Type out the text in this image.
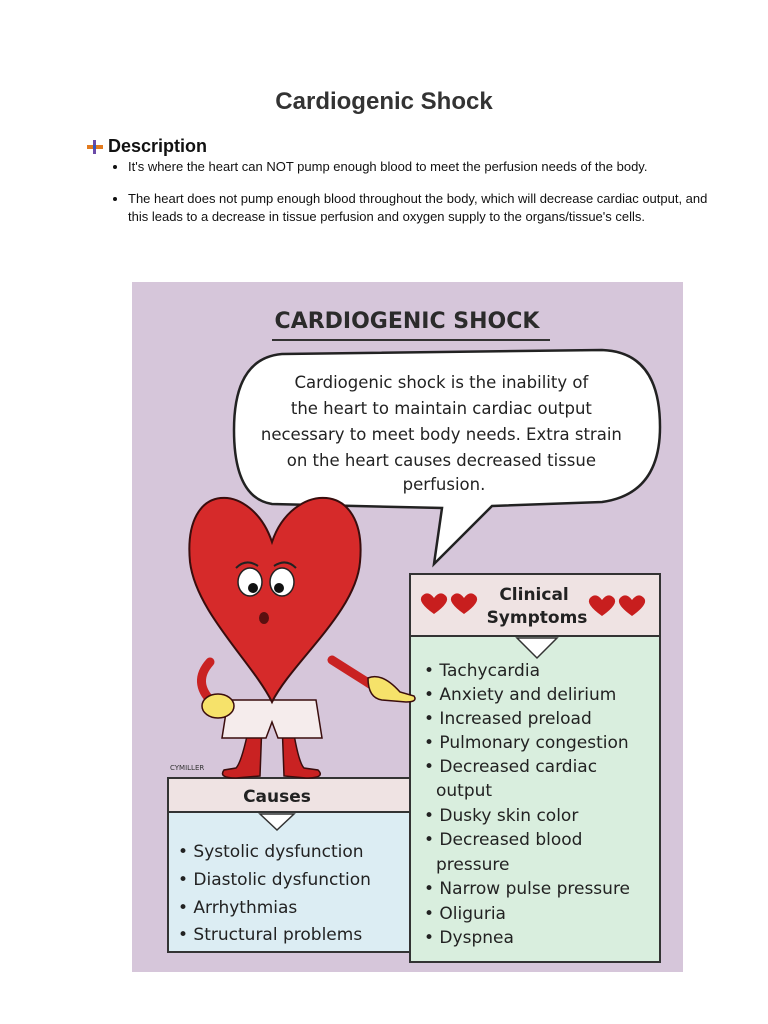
Cardiogenic Shock
Description
• It's where the heart can NOT pump enough blood to meet the perfusion needs of the body.
• The heart does not pump enough blood throughout the body, which will decrease cardiac output, and this leads to a decrease in tissue perfusion and oxygen supply to the organs/tissue's cells.
CARDIOGENIC SHOCK
Cardiogenic shock is the inability of the heart to maintain cardiac output necessary to meet body needs. Extra strain on the heart causes decreased tissue perfusion.
Clinical Symptoms
• Tachycardia
• Anxiety and delirium
• Increased preload
• Pulmonary congestion
• Decreased cardiac
output
• Dusky skin color
• Decreased blood
pressure
• Narrow pulse pressure
• Oliguria
• Dyspnea
Causes
• Systolic dysfunction
• Diastolic dysfunction
• Arrhythmias
• Structural problems
CYMILLER
